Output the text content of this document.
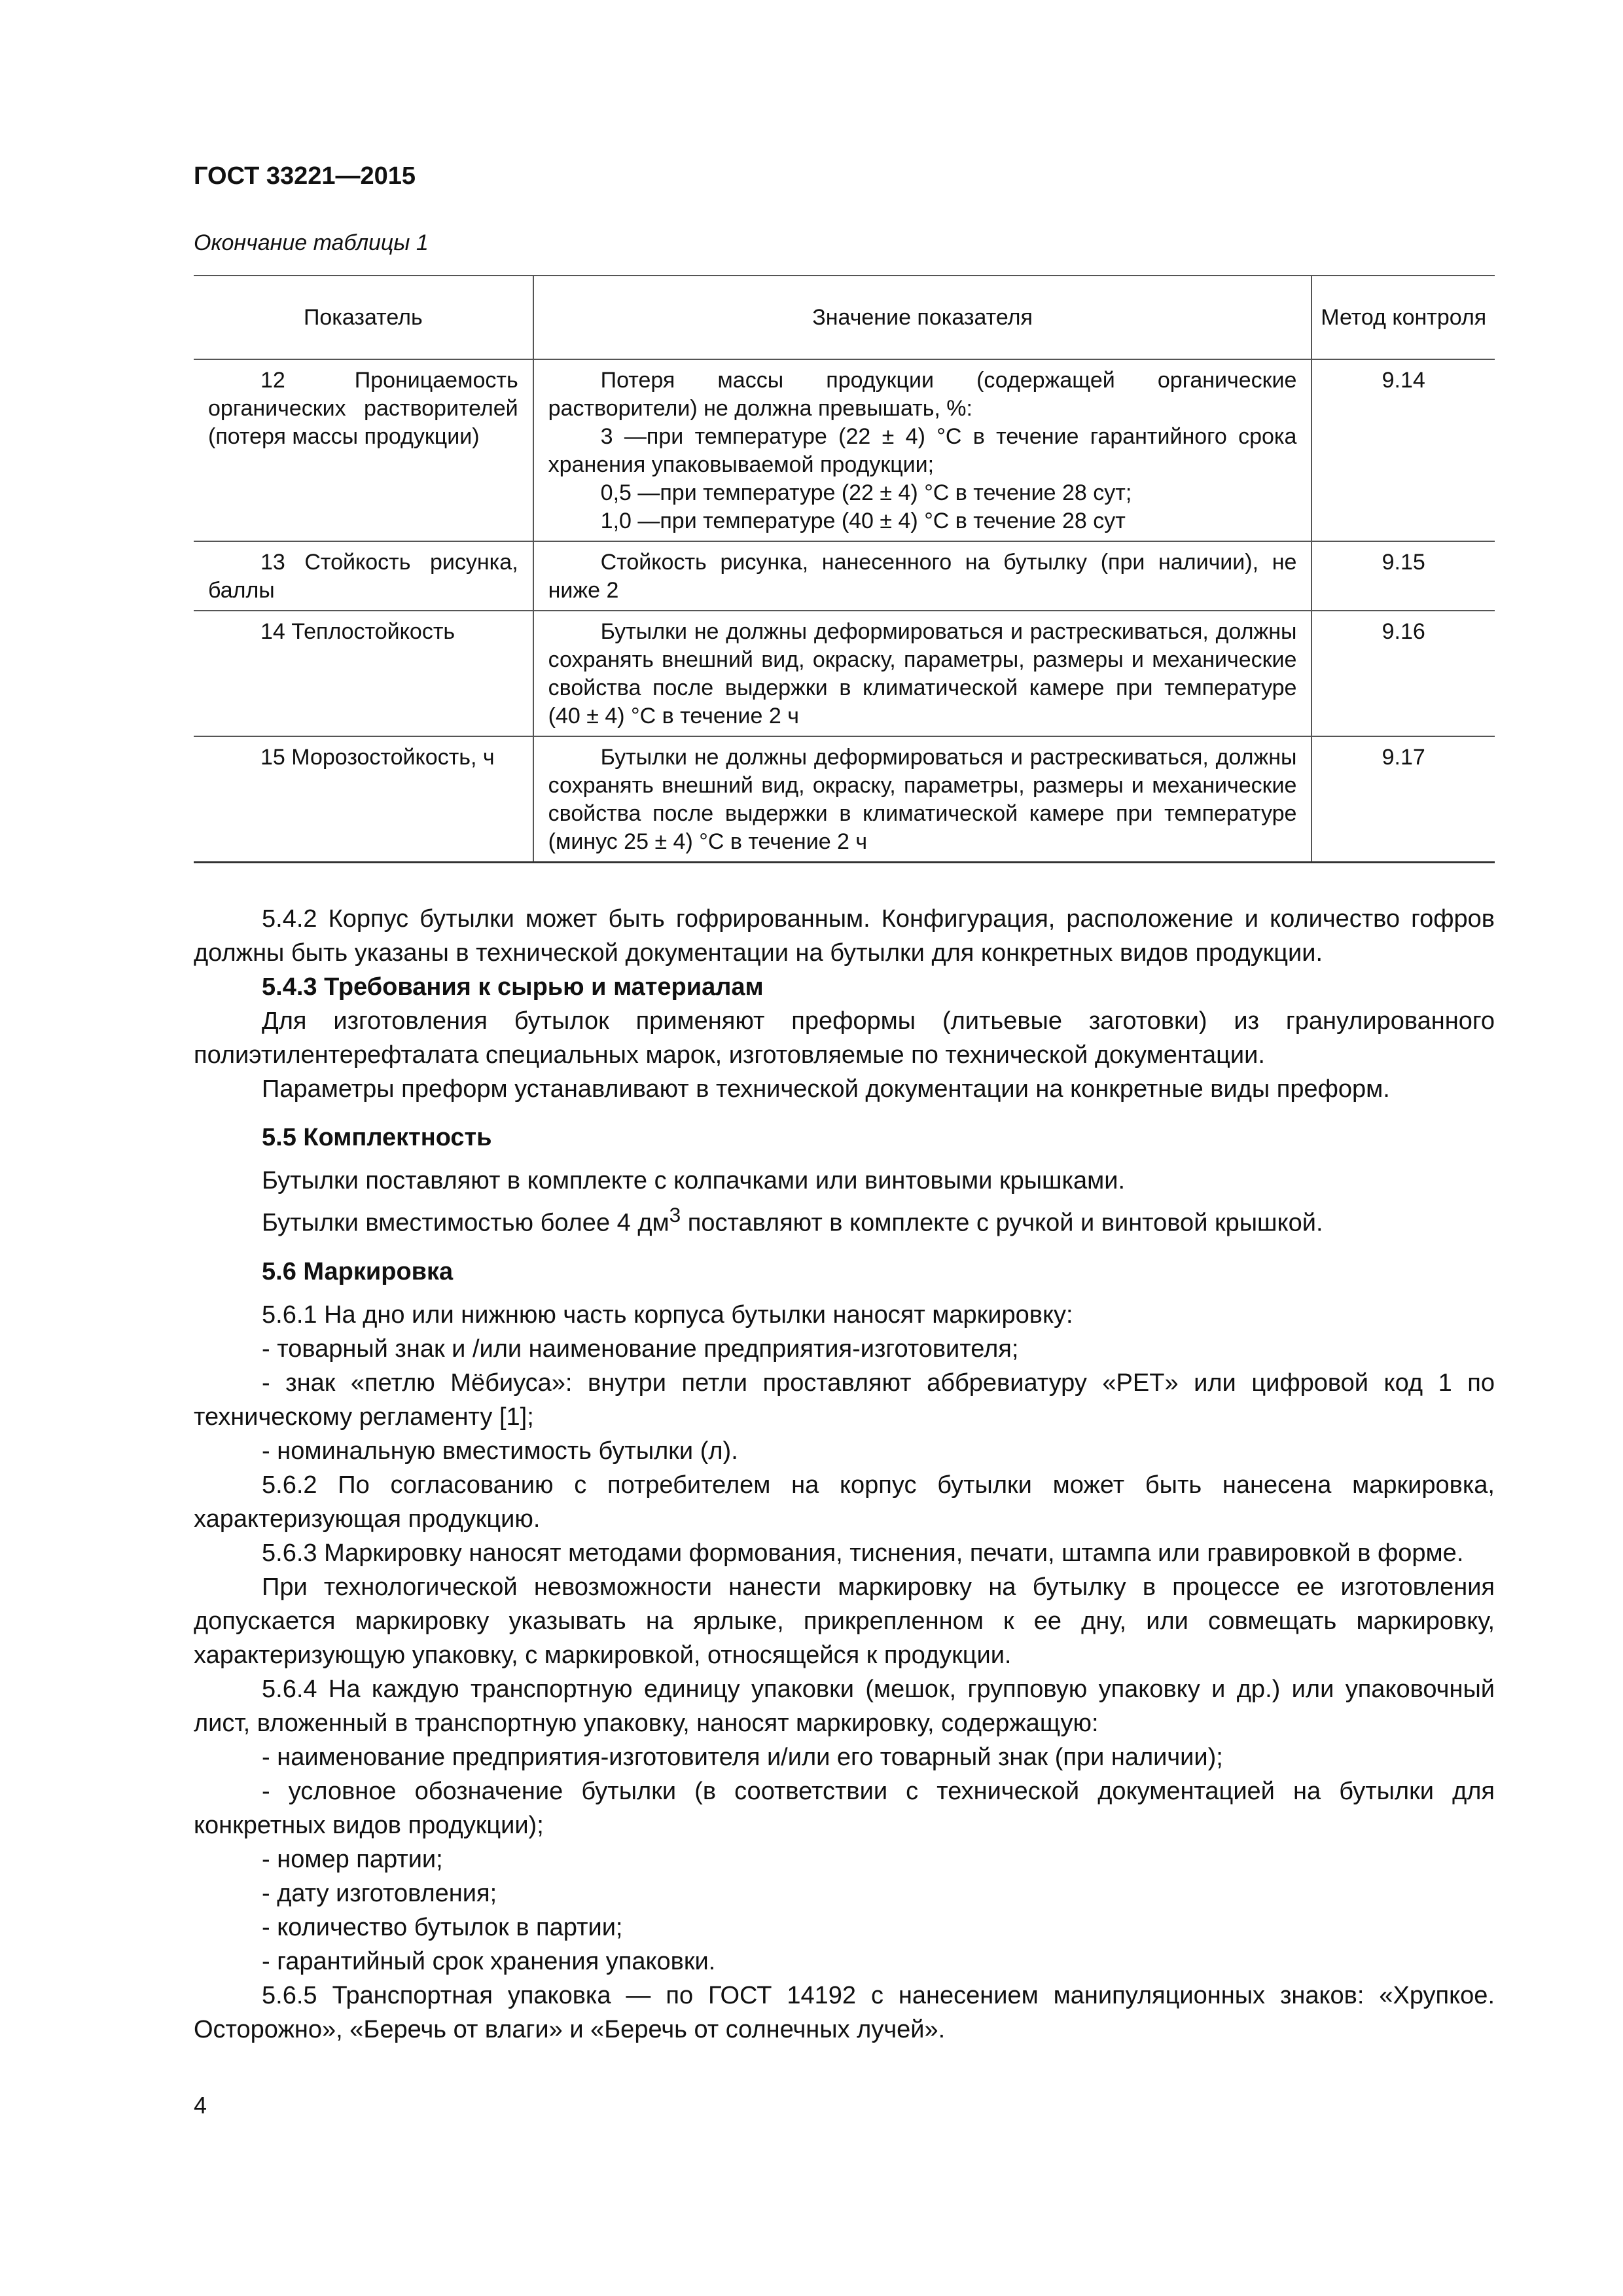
ГОСТ 33221—2015
Окончание таблицы 1
Показатель	Значение показателя	Метод контроля

12 Проницаемость органических растворителей (потеря массы продукции)	Потеря массы продукции (содержащей органические растворители) не должна превышать, %:
3 —при температуре (22 ± 4) °C в течение гарантийного срока хранения упаковываемой продукции;
0,5 —при температуре (22 ± 4) °C в течение 28 сут;
1,0 —при температуре (40 ± 4) °C в течение 28 сут	9.14

13 Стойкость рисунка, баллы	Стойкость рисунка, нанесенного на бутылку (при наличии), не ниже 2	9.15

14 Теплостойкость	Бутылки не должны деформироваться и растрескиваться, должны сохранять внешний вид, окраску, параметры, размеры и механические свойства после выдержки в климатической камере при температуре (40 ± 4) °C в течение 2 ч	9.16

15 Морозостойкость, ч	Бутылки не должны деформироваться и растрескиваться, должны сохранять внешний вид, окраску, параметры, размеры и механические свойства после выдержки в климатической камере при температуре (минус 25 ± 4) °C в течение 2 ч	9.17

5.4.2 Корпус бутылки может быть гофрированным. Конфигурация, расположение и количество гофров должны быть указаны в технической документации на бутылки для конкретных видов продукции.

5.4.3 Требования к сырью и материалам

Для изготовления бутылок применяют преформы (литьевые заготовки) из гранулированного полиэтилентерефталата специальных марок, изготовляемые по технической документации.

Параметры преформ устанавливают в технической документации на конкретные виды преформ.

5.5 Комплектность

Бутылки поставляют в комплекте с колпачками или винтовыми крышками.

Бутылки вместимостью более 4 $дм^3$ поставляют в комплекте с ручкой и винтовой крышкой.

5.6 Маркировка

5.6.1 На дно или нижнюю часть корпуса бутылки наносят маркировку:

- товарный знак и /или наименование предприятия-изготовителя;

- знак «петлю Мёбиуса»: внутри петли проставляют аббревиатуру «PET» или цифровой код 1 по техническому регламенту [1];

- номинальную вместимость бутылки (л).

5.6.2 По согласованию с потребителем на корпус бутылки может быть нанесена маркировка, характеризующая продукцию.

5.6.3 Маркировку наносят методами формования, тиснения, печати, штампа или гравировкой в форме.

При технологической невозможности нанести маркировку на бутылку в процессе ее изготовления допускается маркировку указывать на ярлыке, прикрепленном к ее дну, или совмещать маркировку, характеризующую упаковку, с маркировкой, относящейся к продукции.

5.6.4 На каждую транспортную единицу упаковки (мешок, групповую упаковку и др.) или упаковочный лист, вложенный в транспортную упаковку, наносят маркировку, содержащую:

- наименование предприятия-изготовителя и/или его товарный знак (при наличии);

- условное обозначение бутылки (в соответствии с технической документацией на бутылки для конкретных видов продукции);

- номер партии;

- дату изготовления;

- количество бутылок в партии;

- гарантийный срок хранения упаковки.

5.6.5 Транспортная упаковка — по ГОСТ 14192 с нанесением манипуляционных знаков: «Хрупкое. Осторожно», «Беречь от влаги» и «Беречь от солнечных лучей».

4
